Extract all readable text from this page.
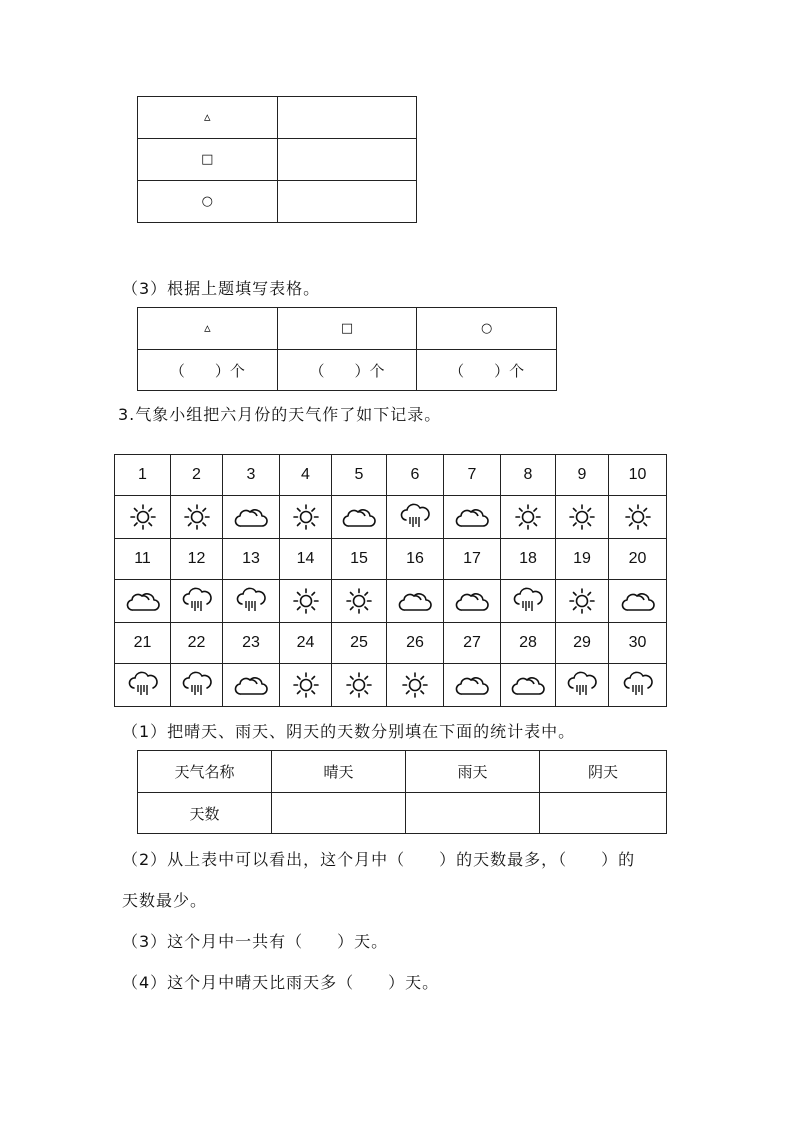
▵	
□	
○	
（3）根据上题填写表格。
▵	□	○
（　　）个	（　　）个	（　　）个
3.气象小组把六月份的天气作了如下记录。
1	2	3	4	5	6	7	8	9	10

11	12	13	14	15	16	17	18	19	20

21	22	23	24	25	26	27	28	29	30

（1）把晴天、雨天、阴天的天数分别填在下面的统计表中。
天气名称	晴天	雨天	阴天
天数			
（2）从上表中可以看出，这个月中（　　）的天数最多，（　　）的
天数最少。
（3）这个月中一共有（　　）天。
（4）这个月中晴天比雨天多（　　）天。
